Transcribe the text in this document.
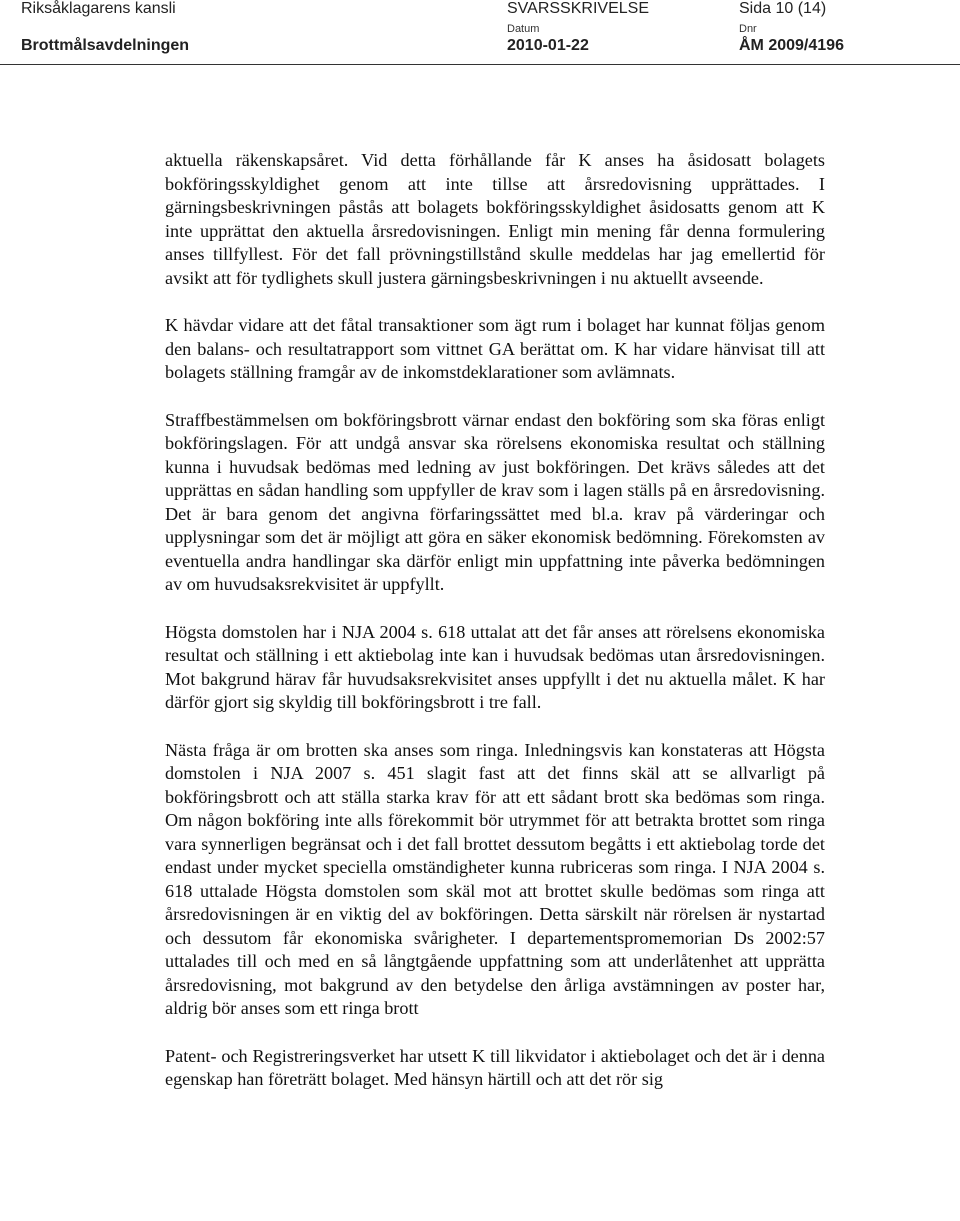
Riksåklagarens kansli
Brottmålsavdelningen
SVARSSKRIVELSE	Sida 10 (14)
Datum
2010-01-22
Dnr
ÅM 2009/4196

aktuella räkenskapsåret. Vid detta förhållande får K anses ha åsidosatt bolagets bokföringsskyldighet genom att inte tillse att årsredovisning upprättades. I gärningsbeskrivningen påstås att bolagets bokföringsskyldighet åsidosatts genom att K inte upprättat den aktuella årsredovisningen. Enligt min mening får denna formulering anses tillfyllest. För det fall prövningstillstånd skulle meddelas har jag emellertid för avsikt att för tydlighets skull justera gärningsbeskrivningen i nu aktuellt avseende.

K hävdar vidare att det fåtal transaktioner som ägt rum i bolaget har kunnat följas genom den balans- och resultatrapport som vittnet GA berättat om. K har vidare hänvisat till att bolagets ställning framgår av de inkomstdeklarationer som avlämnats.

Straffbestämmelsen om bokföringsbrott värnar endast den bokföring som ska föras enligt bokföringslagen. För att undgå ansvar ska rörelsens ekonomiska resultat och ställning kunna i huvudsak bedömas med ledning av just bokföringen. Det krävs således att det upprättas en sådan handling som uppfyller de krav som i lagen ställs på en årsredovisning. Det är bara genom det angivna förfaringssättet med bl.a. krav på värderingar och upplysningar som det är möjligt att göra en säker ekonomisk bedömning. Förekomsten av eventuella andra handlingar ska därför enligt min uppfattning inte påverka bedömningen av om huvudsaksrekvisitet är uppfyllt.

Högsta domstolen har i NJA 2004 s. 618 uttalat att det får anses att rörelsens ekonomiska resultat och ställning i ett aktiebolag inte kan i huvudsak bedömas utan årsredovisningen. Mot bakgrund härav får huvudsaksrekvisitet anses uppfyllt i det nu aktuella målet. K har därför gjort sig skyldig till bokföringsbrott i tre fall.

Nästa fråga är om brotten ska anses som ringa. Inledningsvis kan konstateras att Högsta domstolen i NJA 2007 s. 451 slagit fast att det finns skäl att se allvarligt på bokföringsbrott och att ställa starka krav för att ett sådant brott ska bedömas som ringa. Om någon bokföring inte alls förekommit bör utrymmet för att betrakta brottet som ringa vara synnerligen begränsat och i det fall brottet dessutom begåtts i ett aktiebolag torde det endast under mycket speciella omständigheter kunna rubriceras som ringa. I NJA 2004 s. 618 uttalade Högsta domstolen som skäl mot att brottet skulle bedömas som ringa att årsredovisningen är en viktig del av bokföringen. Detta särskilt när rörelsen är nystartad och dessutom får ekonomiska svårigheter. I departementspromemorian Ds 2002:57 uttalades till och med en så långtgående uppfattning som att underlåtenhet att upprätta årsredovisning, mot bakgrund av den betydelse den årliga avstämningen av poster har, aldrig bör anses som ett ringa brott

Patent- och Registreringsverket har utsett K till likvidator i aktiebolaget och det är i denna egenskap han företrätt bolaget. Med hänsyn härtill och att det rör sig
